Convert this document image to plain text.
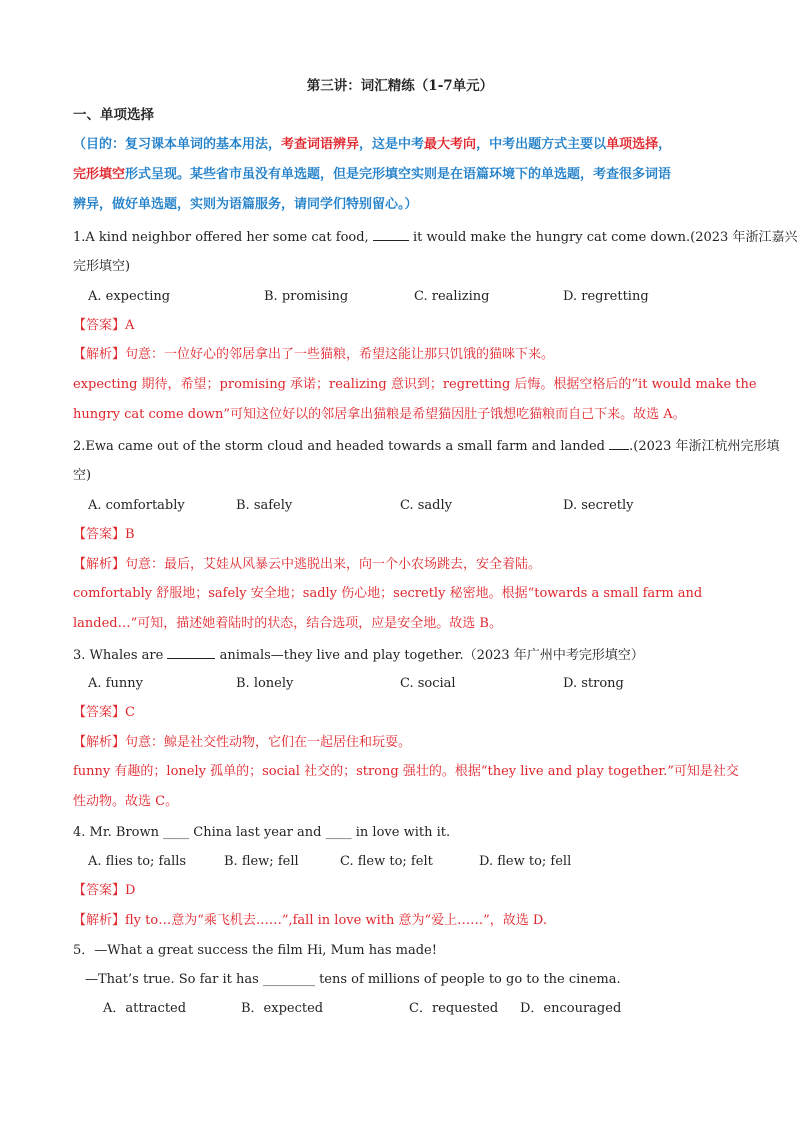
第三讲：词汇精练（1-7单元）
一、单项选择
（目的：复习课本单词的基本用法，考查词语辨异，这是中考最大考向，中考出题方式主要以单项选择，
完形填空形式呈现。某些省市虽没有单选题，但是完形填空实则是在语篇环境下的单选题，考查很多词语
辨异，做好单选题，实则为语篇服务，请同学们特别留心。）
1.A kind neighbor offered her some cat food,	it would make the hungry cat come down.(2023 年浙江嘉兴
完形填空)
A. expecting	B. promising	C. realizing	D. regretting
【答案】A
【解析】句意：一位好心的邻居拿出了一些猫粮，希望这能让那只饥饿的猫咪下来。
expecting 期待，希望；promising 承诺；realizing 意识到；regretting 后悔。根据空格后的“it would make the
hungry cat come down”可知这位好以的邻居拿出猫粮是希望猫因肚子饿想吃猫粮而自己下来。故选 A。
2.Ewa came out of the storm cloud and headed towards a small farm and landed .(2023 年浙江杭州完形填
空)
A. comfortably	B. safely	C. sadly	D. secretly
【答案】B
【解析】句意：最后，艾娃从风暴云中逃脱出来，向一个小农场跳去，安全着陆。
comfortably 舒服地；safely 安全地；sadly 伤心地；secretly 秘密地。根据“towards a small farm and
landed…”可知，描述她着陆时的状态，结合选项，应是安全地。故选 B。
3. Whales are	animals—they live and play together.（2023 年广州中考完形填空）
A. funny	B. lonely	C. social	D. strong
【答案】C
【解析】句意：鲸是社交性动物，它们在一起居住和玩耍。
funny 有趣的；lonely 孤单的；social 社交的；strong 强壮的。根据“they live and play together.”可知是社交
性动物。故选 C。
4. Mr. Brown ____ China last year and ____ in love with it.
A. flies to; falls	B. flew; fell	C. flew to; felt	D. flew to; fell
【答案】D
【解析】fly to…意为“乘飞机去……”,fall in love with 意为“爱上……”，故选 D.
5．—What a great success the film Hi, Mum has made!
—That’s true. So far it has ________ tens of millions of people to go to the cinema.
A．attracted	B．expected	C．requested D．encouraged
